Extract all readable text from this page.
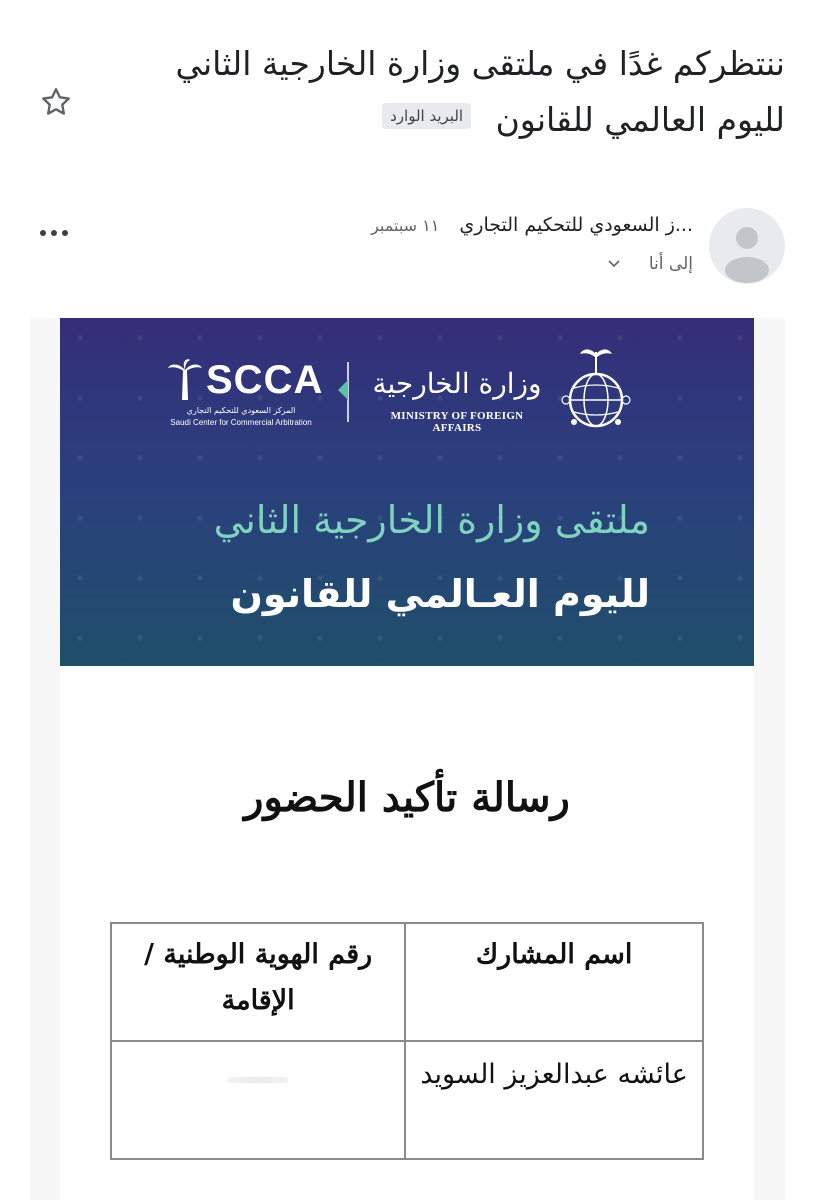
ننتظركم غدًا في ملتقى وزارة الخارجية الثاني لليوم العالمي للقانون البريد الوارد
...ز السعودي للتحكيم التجاري ١١ سبتمبر
إلى أنا
SCCA
المركز السعودي للتحكيم التجاري
Saudi Center for Commercial Arbitration
وزارة الخارجية
MINISTRY OF FOREIGN AFFAIRS
ملتقى وزارة الخارجية الثاني
لليوم العـالمي للقانون
رسالة تأكيد الحضور
اسم المشارك	رقم الهوية الوطنية / الإقامة
عائشه عبدالعزيز السويد	
